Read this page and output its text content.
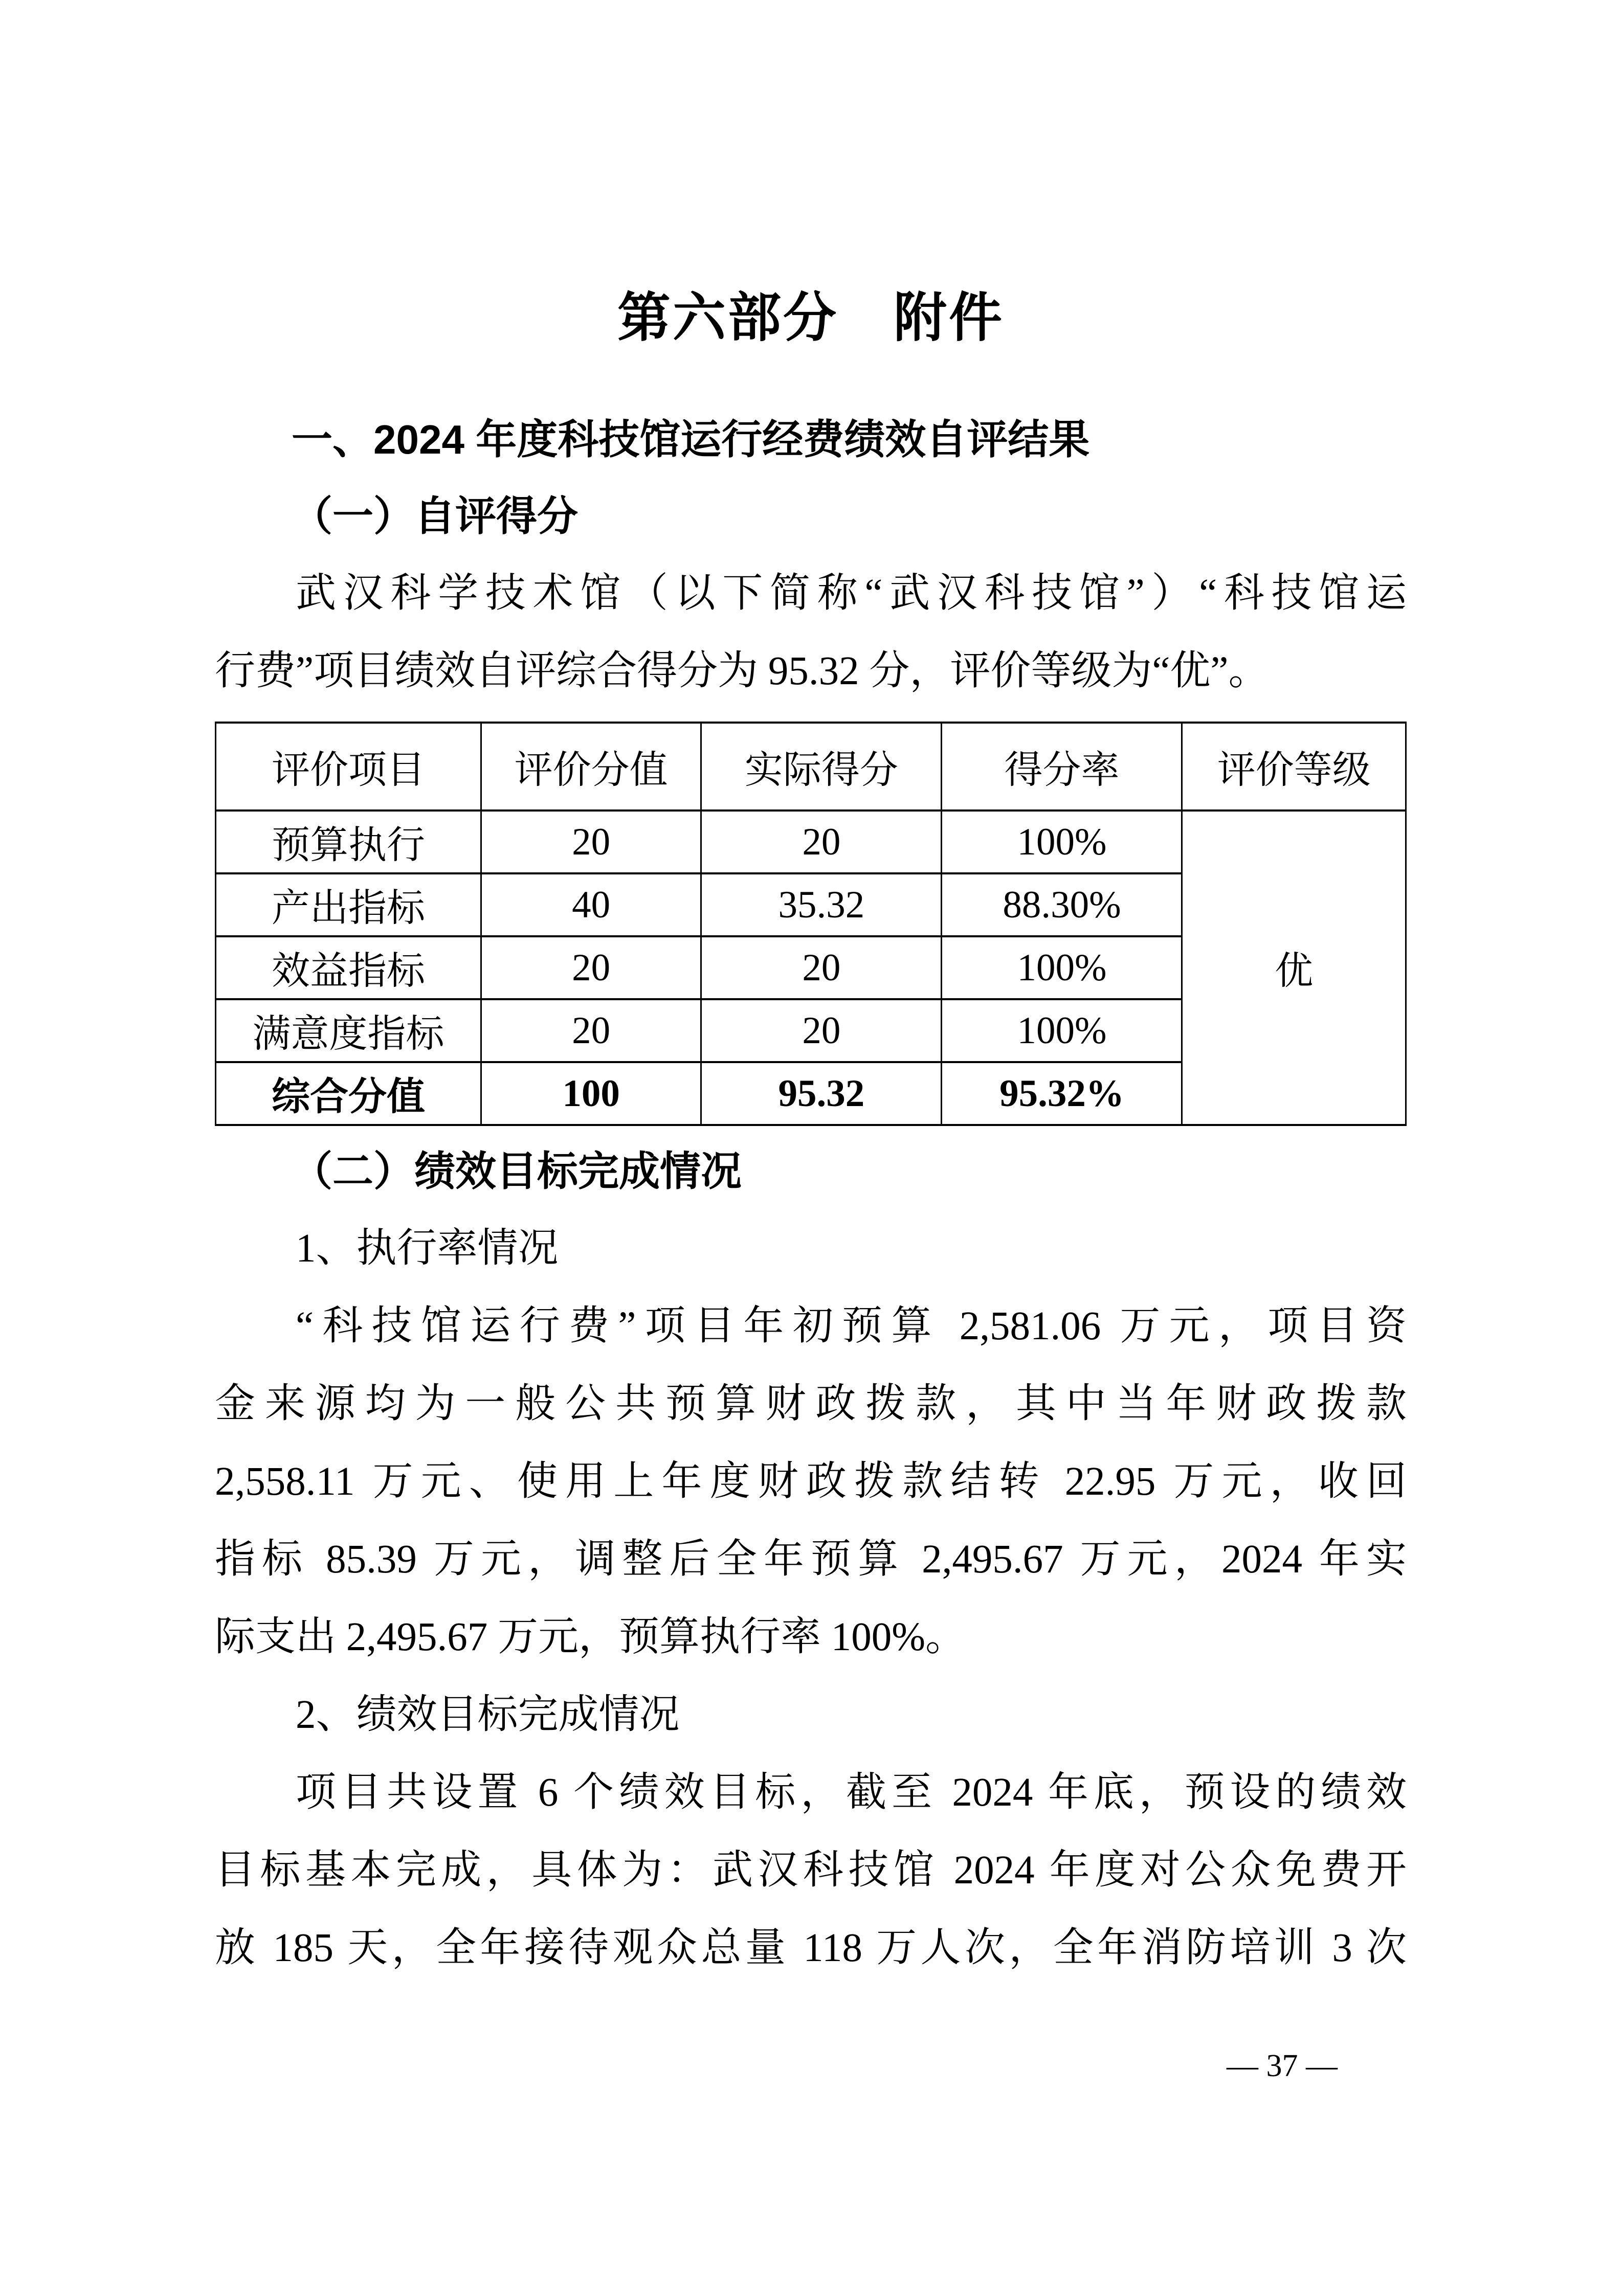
第六部分　附件
一、2024 年度科技馆运行经费绩效自评结果
（一）自评得分
武汉科学技术馆（以下简称“武汉科技馆”）“科技馆运
行费”项目绩效自评综合得分为 95.32 分，评价等级为“优”。
评价项目	评价分值	实际得分	得分率	评价等级
预算执行	20	20	100%	优
产出指标	40	35.32	88.30%	
效益指标	20	20	100%	
满意度指标	20	20	100%	
综合分值	100	95.32	95.32%	
（二）绩效目标完成情况
1、执行率情况
“科技馆运行费”项目年初预算 2,581.06 万元，项目资
金来源均为一般公共预算财政拨款，其中当年财政拨款
2,558.11 万元、使用上年度财政拨款结转 22.95 万元，收回
指标 85.39 万元，调整后全年预算 2,495.67 万元，2024 年实
际支出 2,495.67 万元，预算执行率 100%。
2、绩效目标完成情况
项目共设置 6 个绩效目标，截至 2024 年底，预设的绩效
目标基本完成，具体为：武汉科技馆 2024 年度对公众免费开
放 185 天，全年接待观众总量 118 万人次，全年消防培训 3 次
— 37 —
